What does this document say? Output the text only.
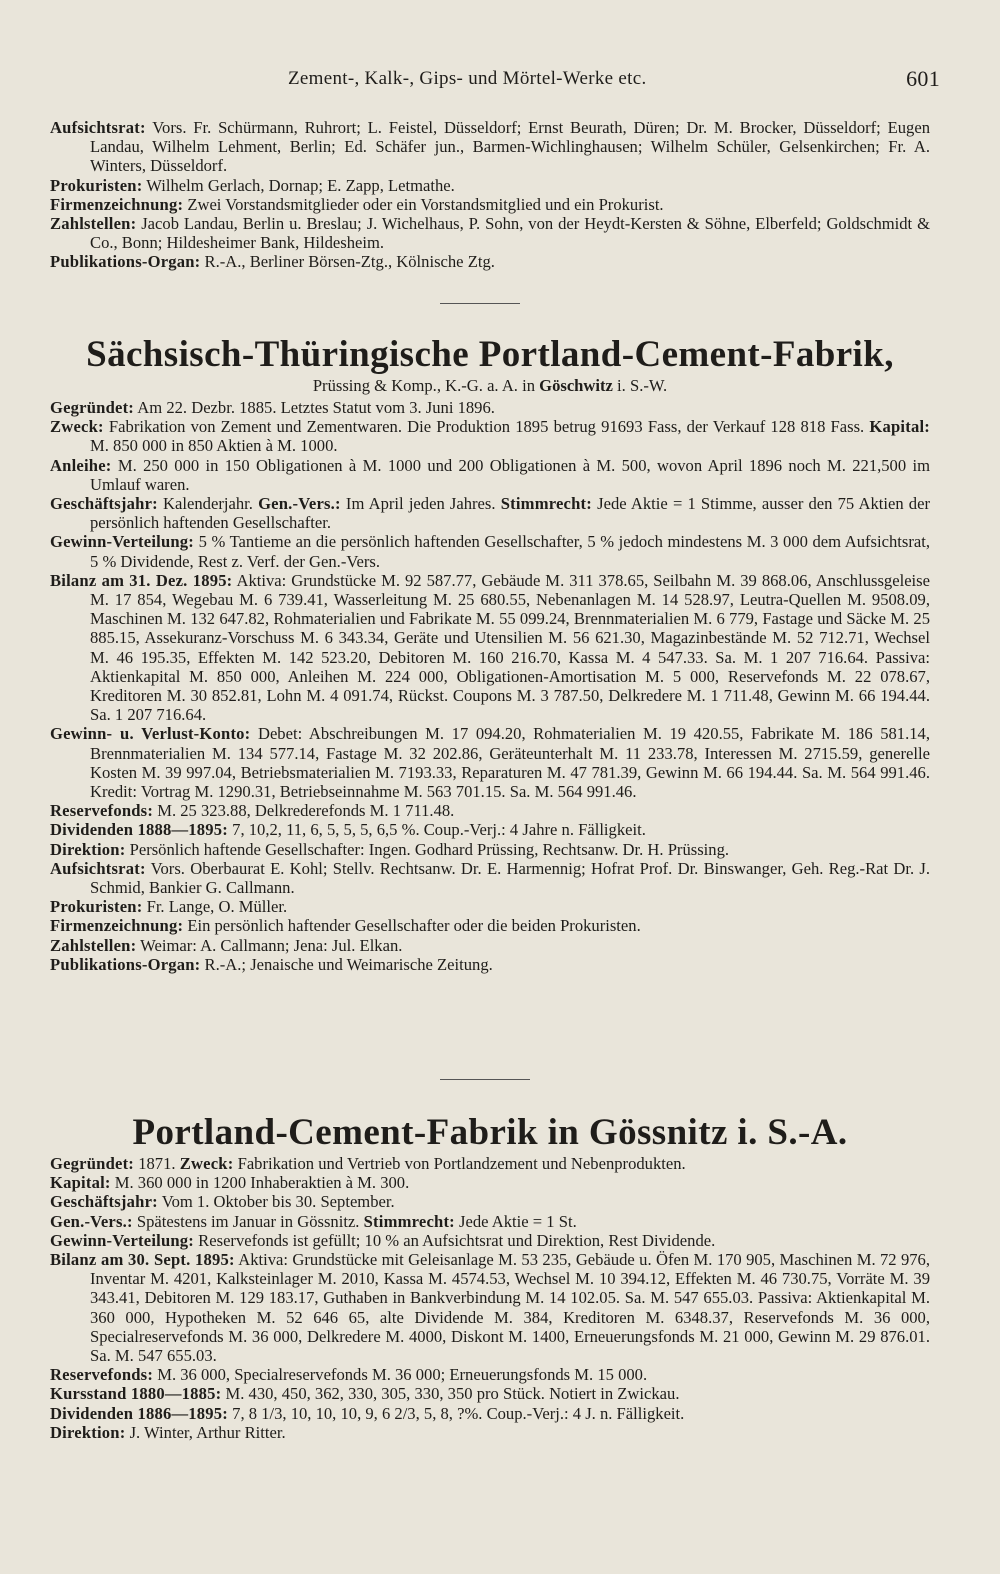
Zement-, Kalk-, Gips- und Mörtel-Werke etc.	601

Aufsichtsrat: Vors. Fr. Schürmann, Ruhrort; L. Feistel, Düsseldorf; Ernst Beurath, Düren; Dr. M. Brocker, Düsseldorf; Eugen Landau, Wilhelm Lehment, Berlin; Ed. Schäfer jun., Barmen-Wichlinghausen; Wilhelm Schüler, Gelsenkirchen; Fr. A. Winters, Düsseldorf.

Prokuristen: Wilhelm Gerlach, Dornap; E. Zapp, Letmathe.

Firmenzeichnung: Zwei Vorstandsmitglieder oder ein Vorstandsmitglied und ein Prokurist.

Zahlstellen: Jacob Landau, Berlin u. Breslau; J. Wichelhaus, P. Sohn, von der Heydt-Kersten & Söhne, Elberfeld; Goldschmidt & Co., Bonn; Hildesheimer Bank, Hildesheim.

Publikations-Organ: R.-A., Berliner Börsen-Ztg., Kölnische Ztg.

Sächsisch-Thüringische Portland-Cement-Fabrik,

Prüssing & Komp., K.-G. a. A. in Göschwitz i. S.-W.

Gegründet: Am 22. Dezbr. 1885. Letztes Statut vom 3. Juni 1896.

Zweck: Fabrikation von Zement und Zementwaren. Die Produktion 1895 betrug 91693 Fass, der Verkauf 128 818 Fass. Kapital: M. 850 000 in 850 Aktien à M. 1000.

Anleihe: M. 250 000 in 150 Obligationen à M. 1000 und 200 Obligationen à M. 500, wovon April 1896 noch M. 221,500 im Umlauf waren.

Geschäftsjahr: Kalenderjahr. Gen.-Vers.: Im April jeden Jahres. Stimmrecht: Jede Aktie = 1 Stimme, ausser den 75 Aktien der persönlich haftenden Gesellschafter.

Gewinn-Verteilung: 5 % Tantieme an die persönlich haftenden Gesellschafter, 5 % jedoch mindestens M. 3 000 dem Aufsichtsrat, 5 % Dividende, Rest z. Verf. der Gen.-Vers.

Bilanz am 31. Dez. 1895: Aktiva: Grundstücke M. 92 587.77, Gebäude M. 311 378.65, Seilbahn M. 39 868.06, Anschlussgeleise M. 17 854, Wegebau M. 6 739.41, Wasserleitung M. 25 680.55, Nebenanlagen M. 14 528.97, Leutra-Quellen M. 9508.09, Maschinen M. 132 647.82, Rohmaterialien und Fabrikate M. 55 099.24, Brennmaterialien M. 6 779, Fastage und Säcke M. 25 885.15, Assekuranz-Vorschuss M. 6 343.34, Geräte und Utensilien M. 56 621.30, Magazinbestände M. 52 712.71, Wechsel M. 46 195.35, Effekten M. 142 523.20, Debitoren M. 160 216.70, Kassa M. 4 547.33. Sa. M. 1 207 716.64. Passiva: Aktienkapital M. 850 000, Anleihen M. 224 000, Obligationen-Amortisation M. 5 000, Reservefonds M. 22 078.67, Kreditoren M. 30 852.81, Lohn M. 4 091.74, Rückst. Coupons M. 3 787.50, Delkredere M. 1 711.48, Gewinn M. 66 194.44. Sa. 1 207 716.64.

Gewinn- u. Verlust-Konto: Debet: Abschreibungen M. 17 094.20, Rohmaterialien M. 19 420.55, Fabrikate M. 186 581.14, Brennmaterialien M. 134 577.14, Fastage M. 32 202.86, Geräteunterhalt M. 11 233.78, Interessen M. 2715.59, generelle Kosten M. 39 997.04, Betriebsmaterialien M. 7193.33, Reparaturen M. 47 781.39, Gewinn M. 66 194.44. Sa. M. 564 991.46. Kredit: Vortrag M. 1290.31, Betriebseinnahme M. 563 701.15. Sa. M. 564 991.46.

Reservefonds: M. 25 323.88, Delkrederefonds M. 1 711.48.

Dividenden 1888—1895: 7, 10,2, 11, 6, 5, 5, 5, 6,5 %. Coup.-Verj.: 4 Jahre n. Fälligkeit.

Direktion: Persönlich haftende Gesellschafter: Ingen. Godhard Prüssing, Rechtsanw. Dr. H. Prüssing.

Aufsichtsrat: Vors. Oberbaurat E. Kohl; Stellv. Rechtsanw. Dr. E. Harmennig; Hofrat Prof. Dr. Binswanger, Geh. Reg.-Rat Dr. J. Schmid, Bankier G. Callmann.

Prokuristen: Fr. Lange, O. Müller.

Firmenzeichnung: Ein persönlich haftender Gesellschafter oder die beiden Prokuristen.

Zahlstellen: Weimar: A. Callmann; Jena: Jul. Elkan.

Publikations-Organ: R.-A.; Jenaische und Weimarische Zeitung.

Portland-Cement-Fabrik in Gössnitz i. S.-A.

Gegründet: 1871. Zweck: Fabrikation und Vertrieb von Portlandzement und Nebenprodukten.

Kapital: M. 360 000 in 1200 Inhaberaktien à M. 300.

Geschäftsjahr: Vom 1. Oktober bis 30. September.

Gen.-Vers.: Spätestens im Januar in Gössnitz. Stimmrecht: Jede Aktie = 1 St.

Gewinn-Verteilung: Reservefonds ist gefüllt; 10 % an Aufsichtsrat und Direktion, Rest Dividende.

Bilanz am 30. Sept. 1895: Aktiva: Grundstücke mit Geleisanlage M. 53 235, Gebäude u. Öfen M. 170 905, Maschinen M. 72 976, Inventar M. 4201, Kalksteinlager M. 2010, Kassa M. 4574.53, Wechsel M. 10 394.12, Effekten M. 46 730.75, Vorräte M. 39 343.41, Debitoren M. 129 183.17, Guthaben in Bankverbindung M. 14 102.05. Sa. M. 547 655.03. Passiva: Aktienkapital M. 360 000, Hypotheken M. 52 646 65, alte Dividende M. 384, Kreditoren M. 6348.37, Reservefonds M. 36 000, Specialreservefonds M. 36 000, Delkredere M. 4000, Diskont M. 1400, Erneuerungsfonds M. 21 000, Gewinn M. 29 876.01. Sa. M. 547 655.03.

Reservefonds: M. 36 000, Specialreservefonds M. 36 000; Erneuerungsfonds M. 15 000.

Kursstand 1880—1885: M. 430, 450, 362, 330, 305, 330, 350 pro Stück. Notiert in Zwickau.

Dividenden 1886—1895: 7, 8 1/3, 10, 10, 10, 9, 6 2/3, 5, 8, ?%. Coup.-Verj.: 4 J. n. Fälligkeit.

Direktion: J. Winter, Arthur Ritter.
